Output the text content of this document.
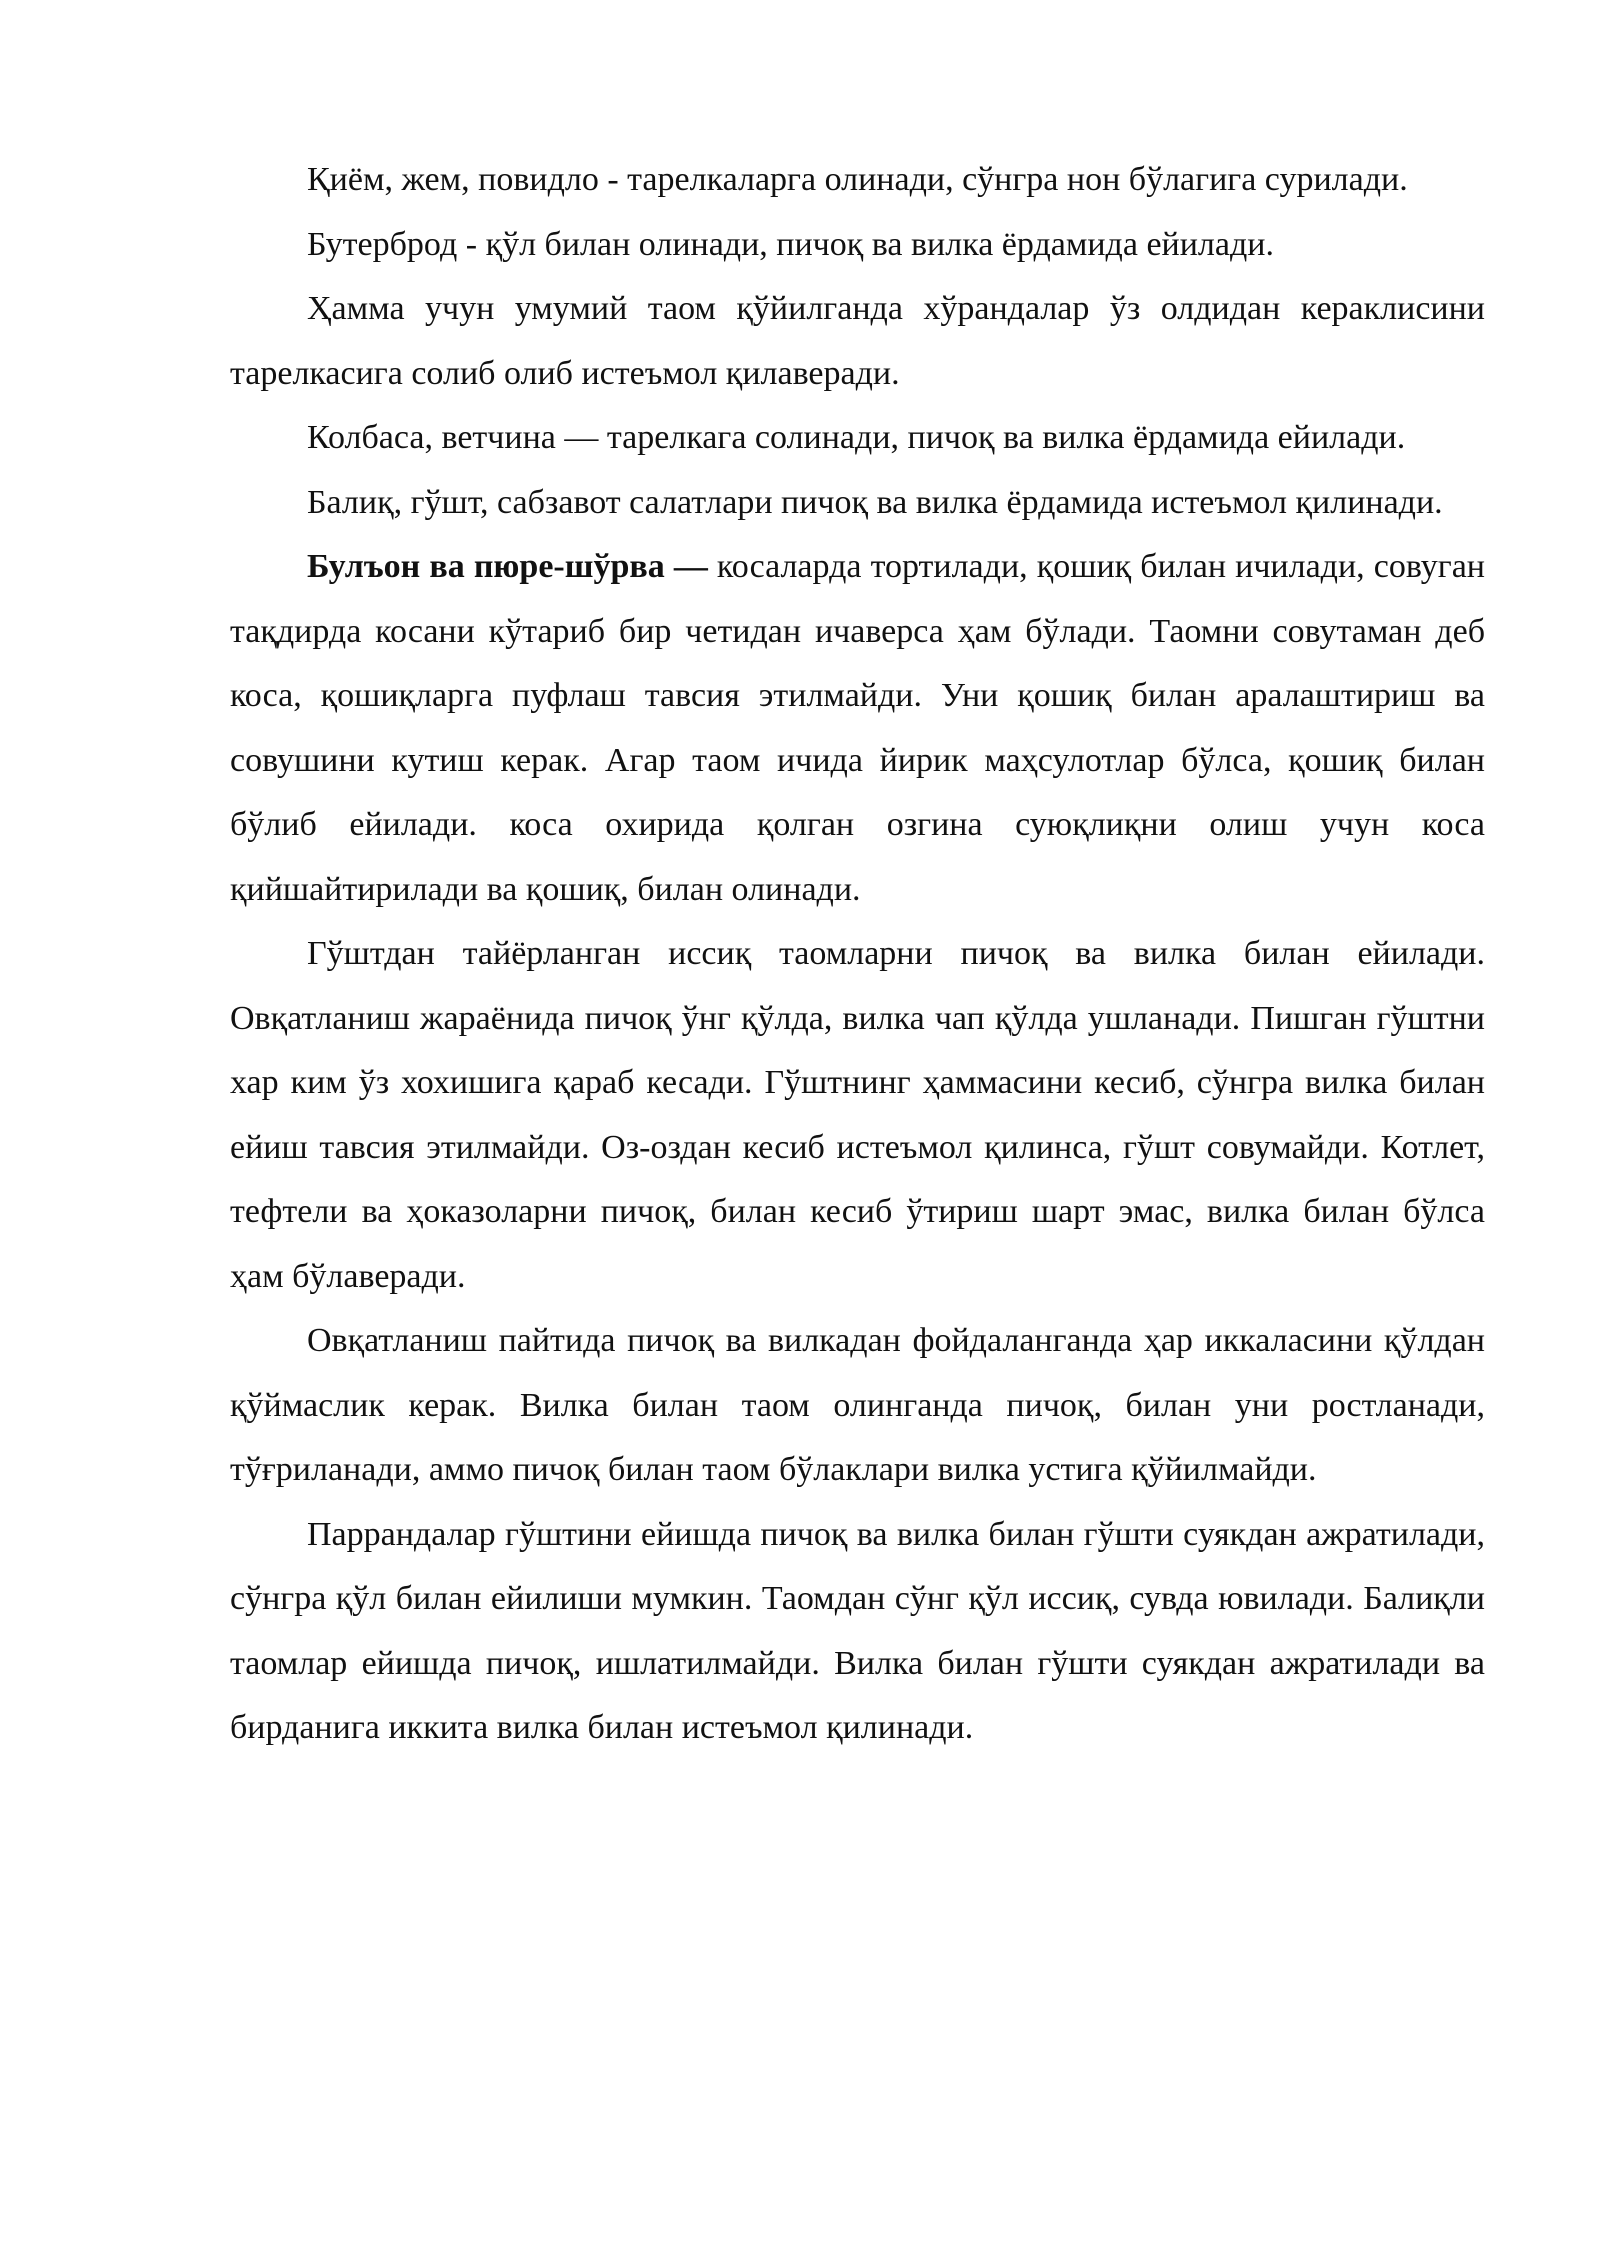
Қиём, жем, повидло - тарелкаларга олинади, сўнгра нон бўлагига сурилади.

Бутерброд - қўл билан олинади, пичоқ ва вилка ёрдамида ейилади.

Ҳамма учун умумий таом қўйилганда хўрандалар ўз олдидан кераклисини тарелкасига солиб олиб истеъмол қилаверади.

Колбаса, ветчина — тарелкага солинади, пичоқ ва вилка ёрдамида ейилади.

Балиқ, гўшт, сабзавот салатлари пичоқ ва вилка ёрдамида истеъмол қилинади.

Булъон ва пюре-шўрва — косаларда тортилади, қошиқ билан ичилади, совуган тақдирда косани кўтариб бир четидан ичаверса ҳам бўлади. Таомни совутаман деб коса, қошиқларга пуфлаш тавсия этилмайди. Уни қошиқ билан аралаштириш ва совушини кутиш керак. Агар таом ичида йирик маҳсулотлар бўлса, қошиқ билан бўлиб ейилади. коса охирида қолган озгина суюқлиқни олиш учун коса қийшайтирилади ва қошиқ, билан олинади.

Гўштдан тайёрланган иссиқ таомларни пичоқ ва вилка билан ейилади. Овқатланиш жараёнида пичоқ ўнг қўлда, вилка чап қўлда ушланади. Пишган гўштни хар ким ўз хохишига қараб кесади. Гўштнинг ҳаммасини кесиб, сўнгра вилка билан ейиш тавсия этилмайди. Оз-оздан кесиб истеъмол қилинса, гўшт совумайди. Котлет, тефтели ва ҳоказоларни пичоқ, билан кесиб ўтириш шарт эмас, вилка билан бўлса ҳам бўлаверади.

Овқатланиш пайтида пичоқ ва вилкадан фойдаланганда ҳар иккаласини қўлдан қўймаслик керак. Вилка билан таом олинганда пичоқ, билан уни ростланади, тўғриланади, аммо пичоқ билан таом бўлаклари вилка устига қўйилмайди.

Паррандалар гўштини ейишда пичоқ ва вилка билан гўшти суякдан ажратилади, сўнгра қўл билан ейилиши мумкин. Таомдан сўнг қўл иссиқ, сувда ювилади. Балиқли таомлар ейишда пичоқ, ишлатилмайди. Вилка билан гўшти суякдан ажратилади ва бирданига иккита вилка билан истеъмол қилинади.
